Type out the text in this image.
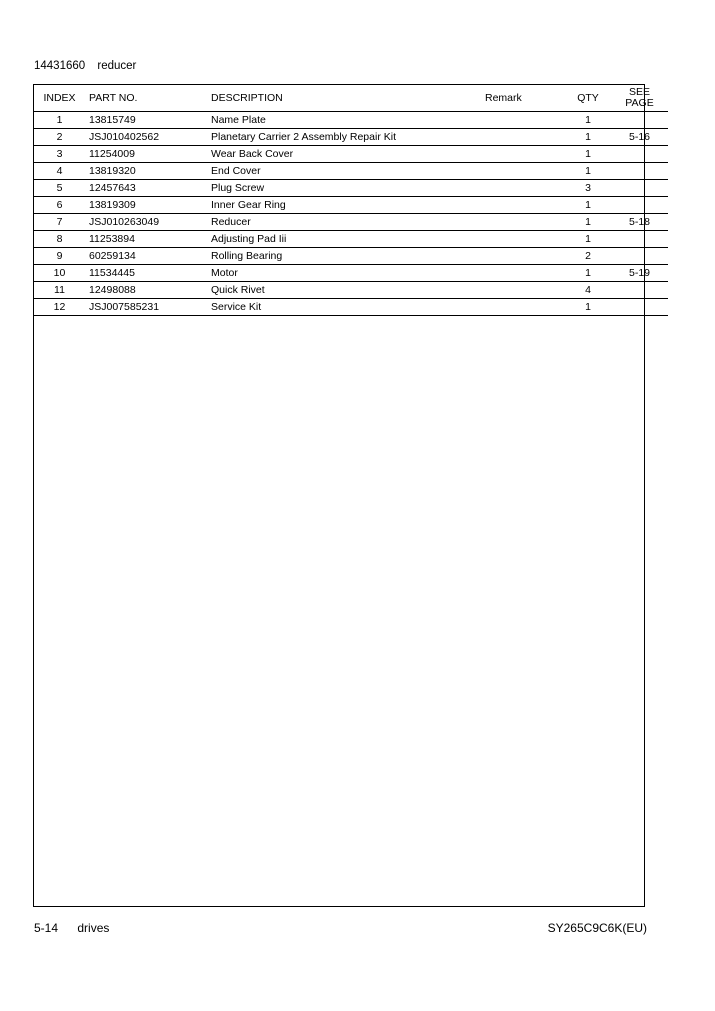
14431660 reducer
INDEX	PART NO.	DESCRIPTION	Remark	QTY	SEE
PAGE
1	13815749	Name Plate		1	
2	JSJ010402562	Planetary Carrier 2 Assembly Repair Kit		1	5-16
3	11254009	Wear Back Cover		1	
4	13819320	End Cover		1	
5	12457643	Plug Screw		3	
6	13819309	Inner Gear Ring		1	
7	JSJ010263049	Reducer		1	5-18
8	11253894	Adjusting Pad Iii		1	
9	60259134	Rolling Bearing		2	
10	11534445	Motor		1	5-19
11	12498088	Quick Rivet		4	
12	JSJ007585231	Service Kit		1	
5-14 drives	SY265C9C6K(EU)
